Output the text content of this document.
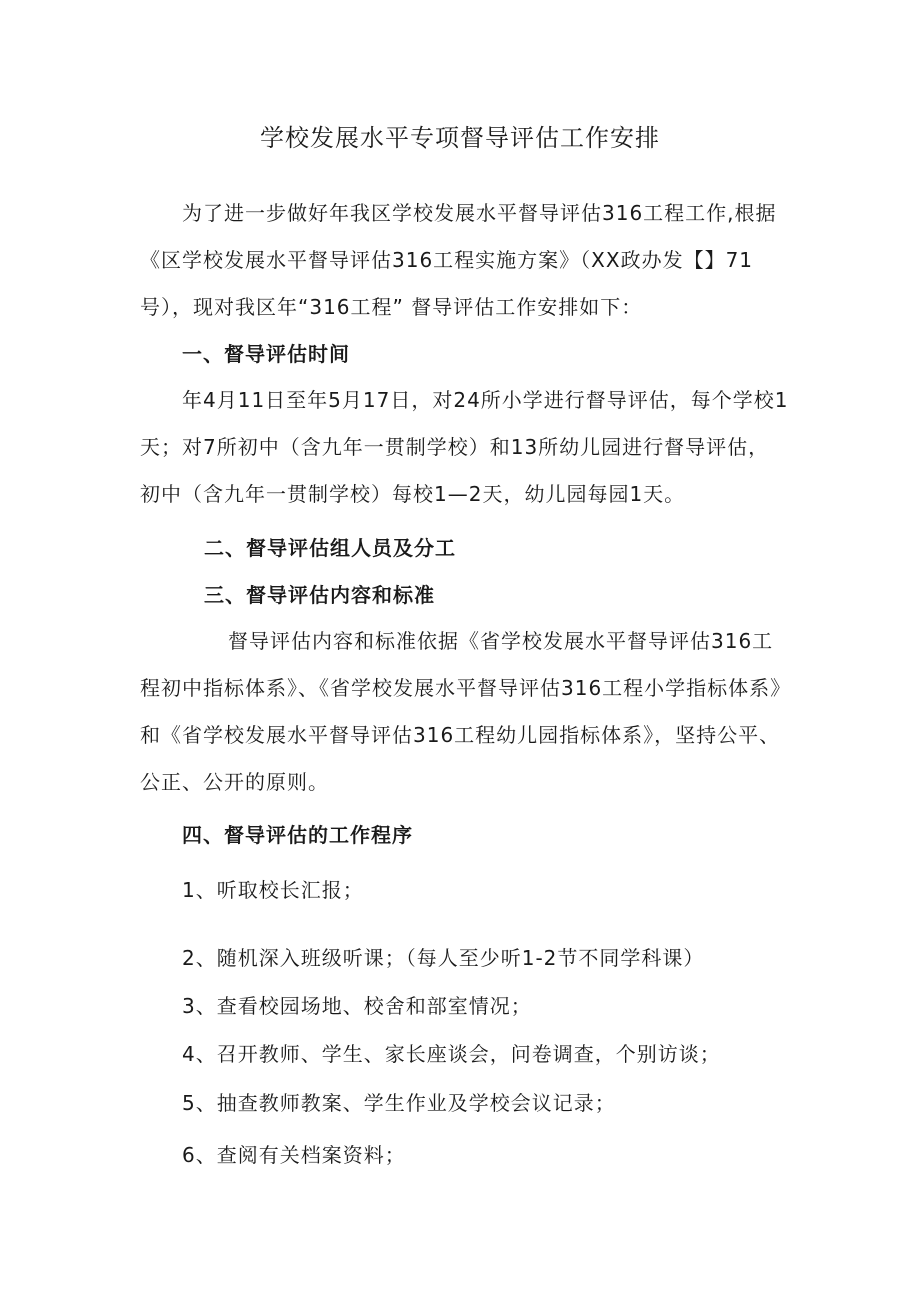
学校发展水平专项督导评估工作安排
为了进一步做好年我区学校发展水平督导评估316工程工作,根据《区学校发展水平督导评估316工程实施方案》（XX政办发【】71号），现对我区年“316工程” 督导评估工作安排如下：
一、督导评估时间
年4月11日至年5月17日，对24所小学进行督导评估，每个学校1天；对7所初中（含九年一贯制学校）和13所幼儿园进行督导评估，初中（含九年一贯制学校）每校1—2天，幼儿园每园1天。
二、督导评估组人员及分工
三、督导评估内容和标准
督导评估内容和标准依据《省学校发展水平督导评估316工程初中指标体系》、《省学校发展水平督导评估316工程小学指标体系》和《省学校发展水平督导评估316工程幼儿园指标体系》，坚持公平、公正、公开的原则。
四、督导评估的工作程序
1、听取校长汇报；
2、随机深入班级听课；（每人至少听1-2节不同学科课）
3、查看校园场地、校舍和部室情况；
4、召开教师、学生、家长座谈会，问卷调查，个别访谈；
5、抽查教师教案、学生作业及学校会议记录；
6、查阅有关档案资料；
